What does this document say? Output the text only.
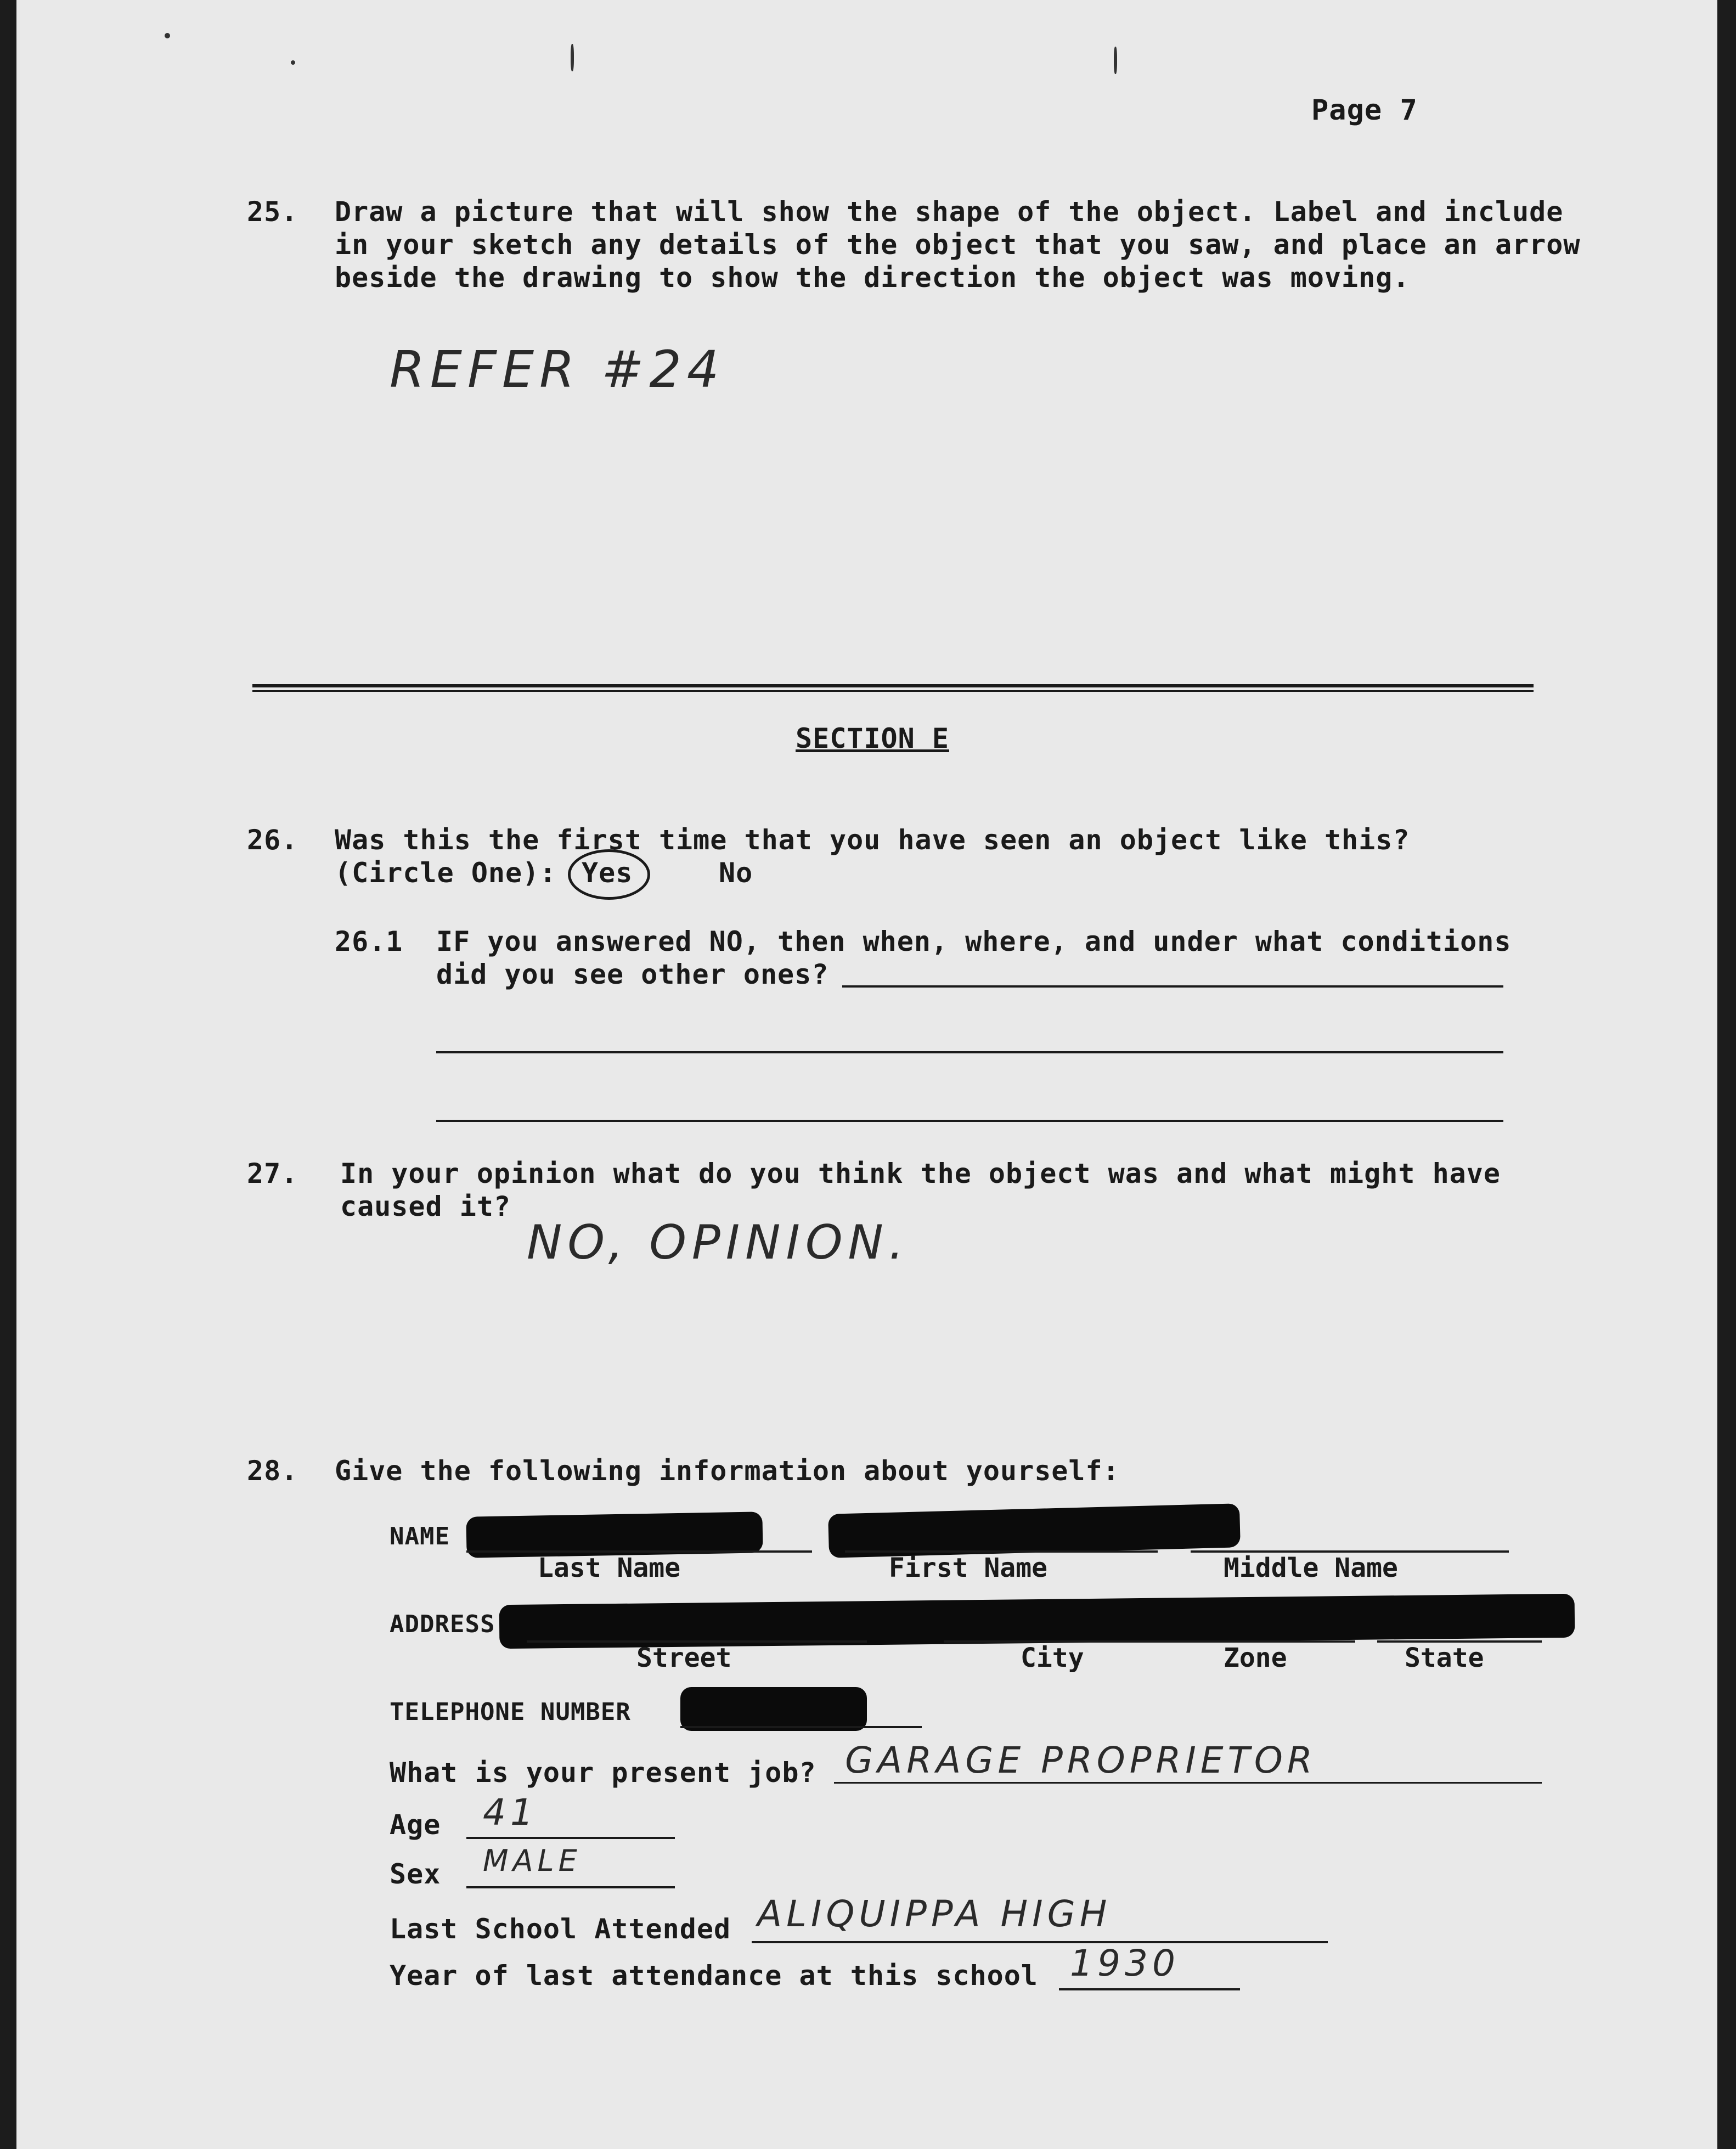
Page 7
25. Draw a picture that will show the shape of the object. Label and include
in your sketch any details of the object that you saw, and place an arrow
beside the drawing to show the direction the object was moving.
REFER #24
SECTION E
26. Was this the first time that you have seen an object like this?
(Circle One): Yes	No
26.1 IF you answered NO, then when, where, and under what conditions
did you see other ones?
27. In your opinion what do you think the object was and what might have
caused it?
NO, OPINION.
28. Give the following information about yourself:
NAME
Last Name	First Name	Middle Name
ADDRESS
Street	City	Zone	State
TELEPHONE NUMBER
What is your present job? GARAGE PROPRIETOR
Age 41
Sex MALE
Last School Attended ALIQUIPPA HIGH
Year of last attendance at this school 1930
